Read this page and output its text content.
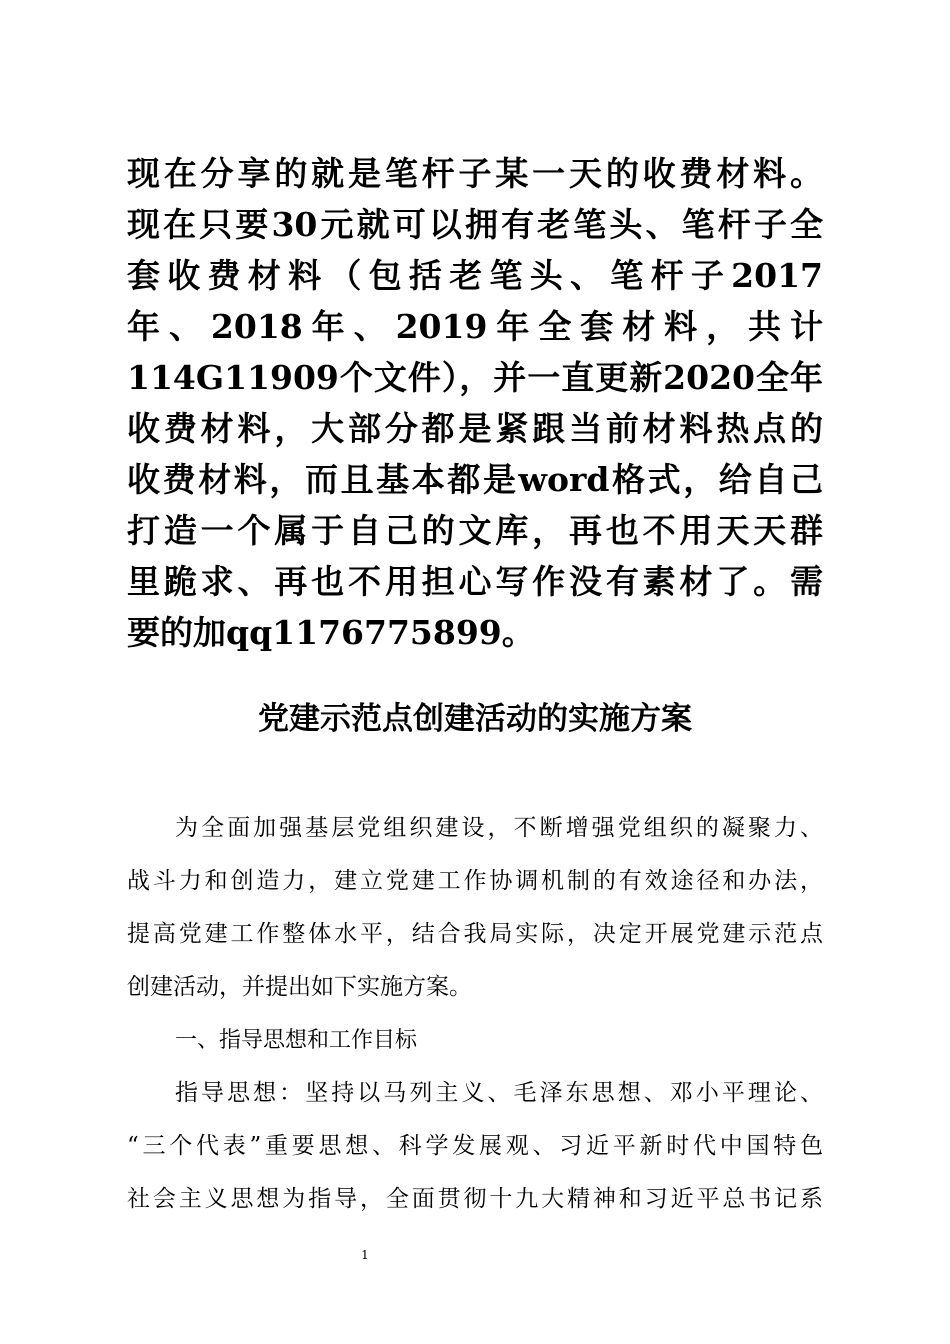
现在分享的就是笔杆子某一天的收费材料。
现在只要30元就可以拥有老笔头、笔杆子全
套收费材料（包括老笔头、笔杆子2017
年、2018年、2019年全套材料，共计
114G11909个文件），并一直更新2020全年
收费材料，大部分都是紧跟当前材料热点的
收费材料，而且基本都是word格式，给自己
打造一个属于自己的文库，再也不用天天群
里跪求、再也不用担心写作没有素材了。需
要的加qq1176775899。
党建示范点创建活动的实施方案
为全面加强基层党组织建设，不断增强党组织的凝聚力、
战斗力和创造力，建立党建工作协调机制的有效途径和办法，
提高党建工作整体水平，结合我局实际，决定开展党建示范点
创建活动，并提出如下实施方案。
一、指导思想和工作目标
指导思想：坚持以马列主义、毛泽东思想、邓小平理论、
“三个代表”重要思想、科学发展观、习近平新时代中国特色
社会主义思想为指导，全面贯彻十九大精神和习近平总书记系
1
